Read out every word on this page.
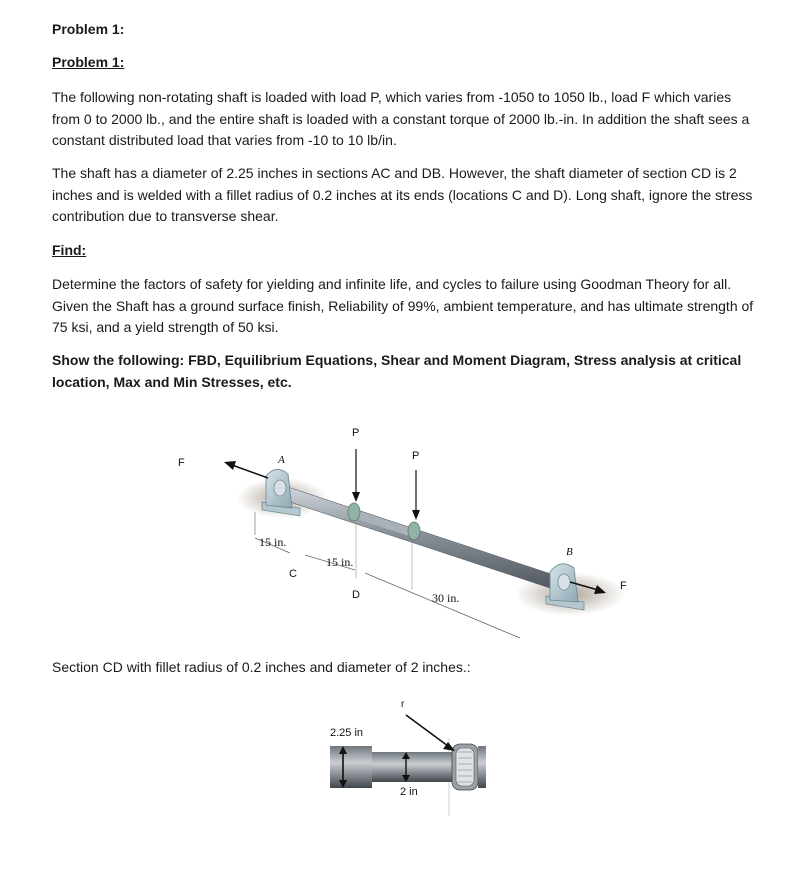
Problem 1:
Problem 1:
The following non-rotating shaft is loaded with load P, which varies from -1050 to 1050 lb., load F which varies from 0 to 2000 lb., and the entire shaft is loaded with a constant torque of 2000 lb.-in. In addition the shaft sees a constant distributed load that varies from -10 to 10 lb/in.
The shaft has a diameter of 2.25 inches in sections AC and DB. However, the shaft diameter of section CD is 2 inches and is welded with a fillet radius of 0.2 inches at its ends (locations C and D). Long shaft, ignore the stress contribution due to transverse shear.
Find:
Determine the factors of safety for yielding and infinite life, and cycles to failure using Goodman Theory for all. Given the Shaft has a ground surface finish, Reliability of 99%, ambient temperature, and has ultimate strength of 75 ksi, and a yield strength of 50 ksi.
Show the following: FBD, Equilibrium Equations, Shear and Moment Diagram, Stress analysis at critical location, Max and Min Stresses, etc.
F
F
P
P
A
B
C
D
15 in.
15 in.
30 in.
Section CD with fillet radius of 0.2 inches and diameter of 2 inches.:
r
2.25 in
2 in
